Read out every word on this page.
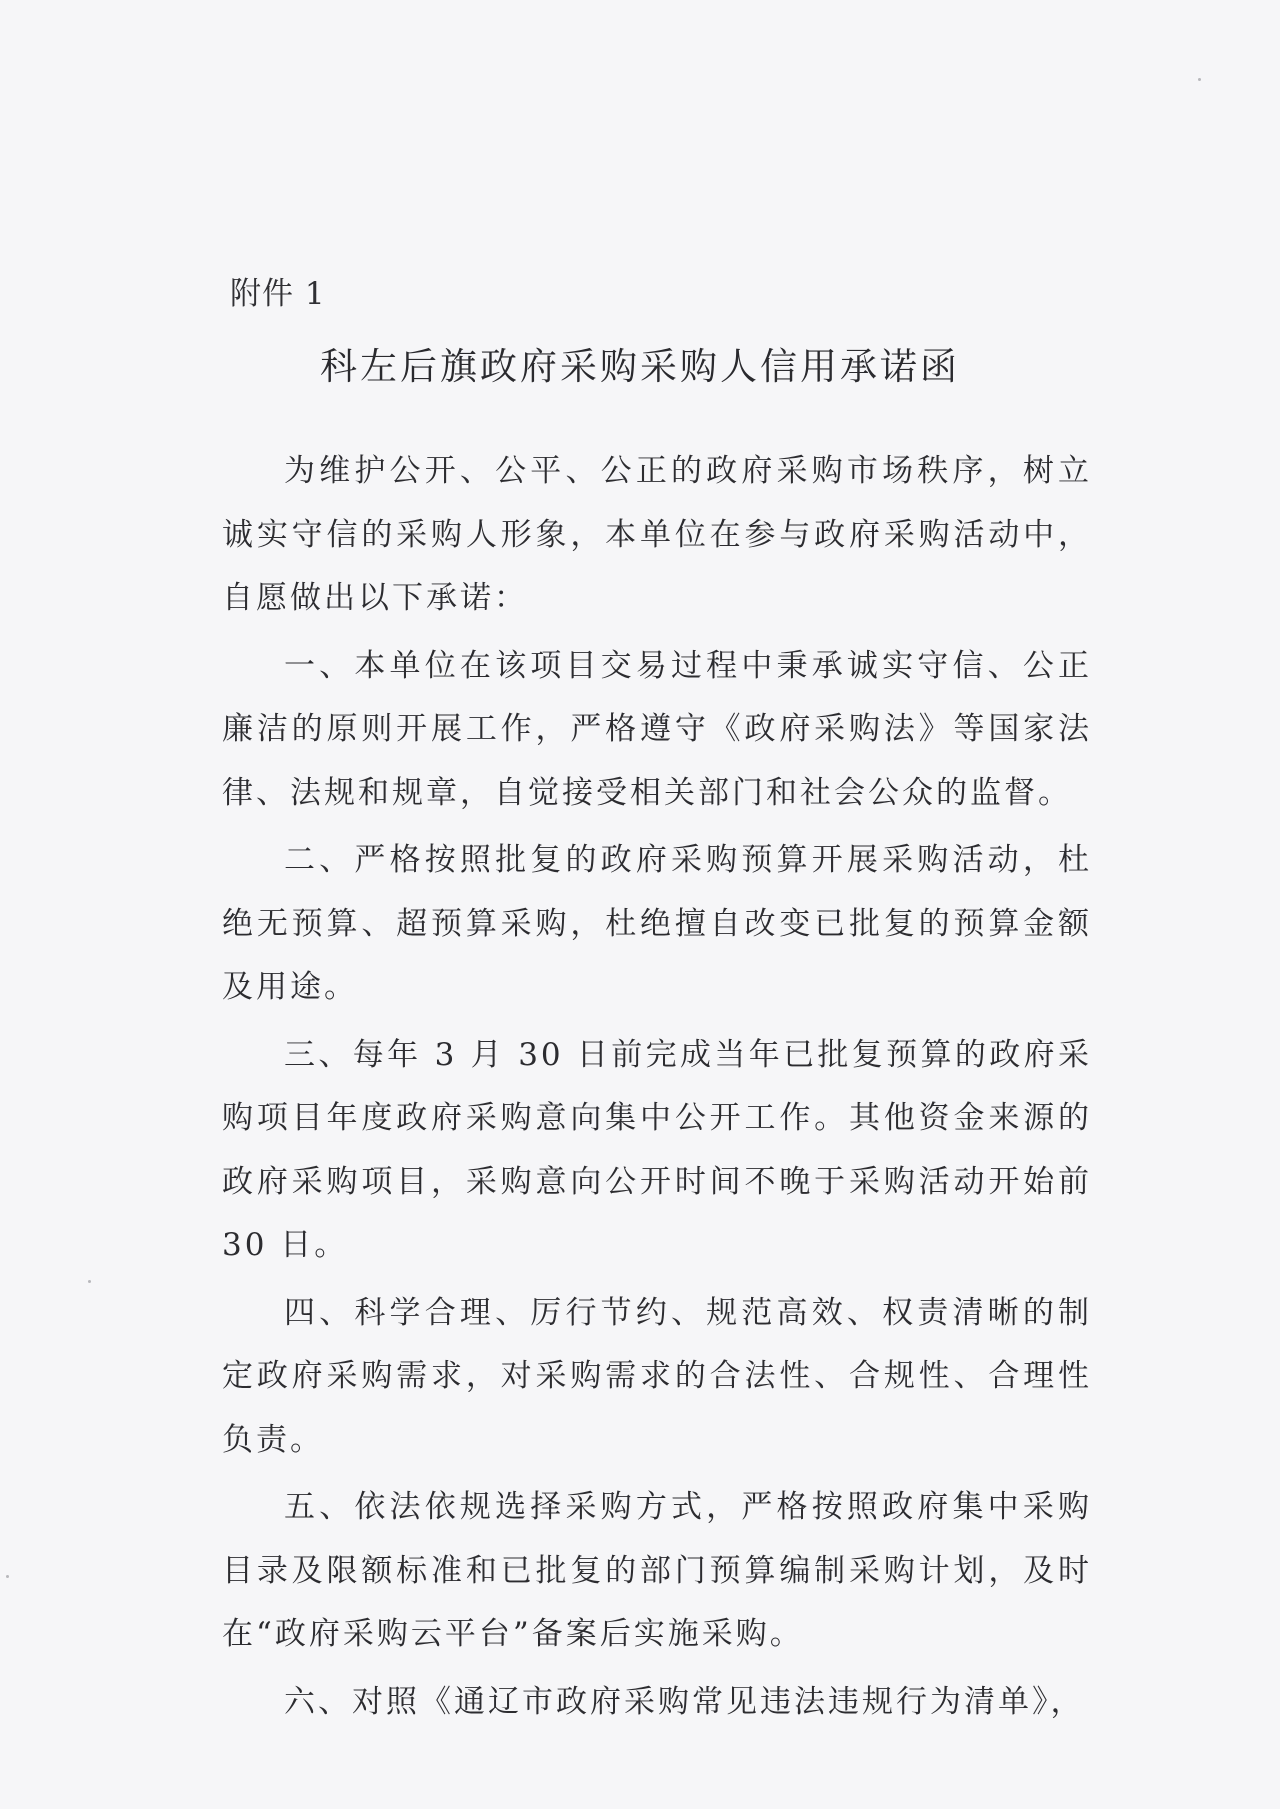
附件 1
科左后旗政府采购采购人信用承诺函

为维护公开、公平、公正的政府采购市场秩序，树立诚实守信的采购人形象，本单位在参与政府采购活动中，自愿做出以下承诺：

一、本单位在该项目交易过程中秉承诚实守信、公正廉洁的原则开展工作，严格遵守《政府采购法》等国家法律、法规和规章，自觉接受相关部门和社会公众的监督。

二、严格按照批复的政府采购预算开展采购活动，杜绝无预算、超预算采购，杜绝擅自改变已批复的预算金额及用途。

三、每年 3 月 30 日前完成当年已批复预算的政府采购项目年度政府采购意向集中公开工作。其他资金来源的政府采购项目，采购意向公开时间不晚于采购活动开始前 30 日。

四、科学合理、厉行节约、规范高效、权责清晰的制定政府采购需求，对采购需求的合法性、合规性、合理性负责。

五、依法依规选择采购方式，严格按照政府集中采购目录及限额标准和已批复的部门预算编制采购计划，及时在“政府采购云平台”备案后实施采购。

六、对照《通辽市政府采购常见违法违规行为清单》，
